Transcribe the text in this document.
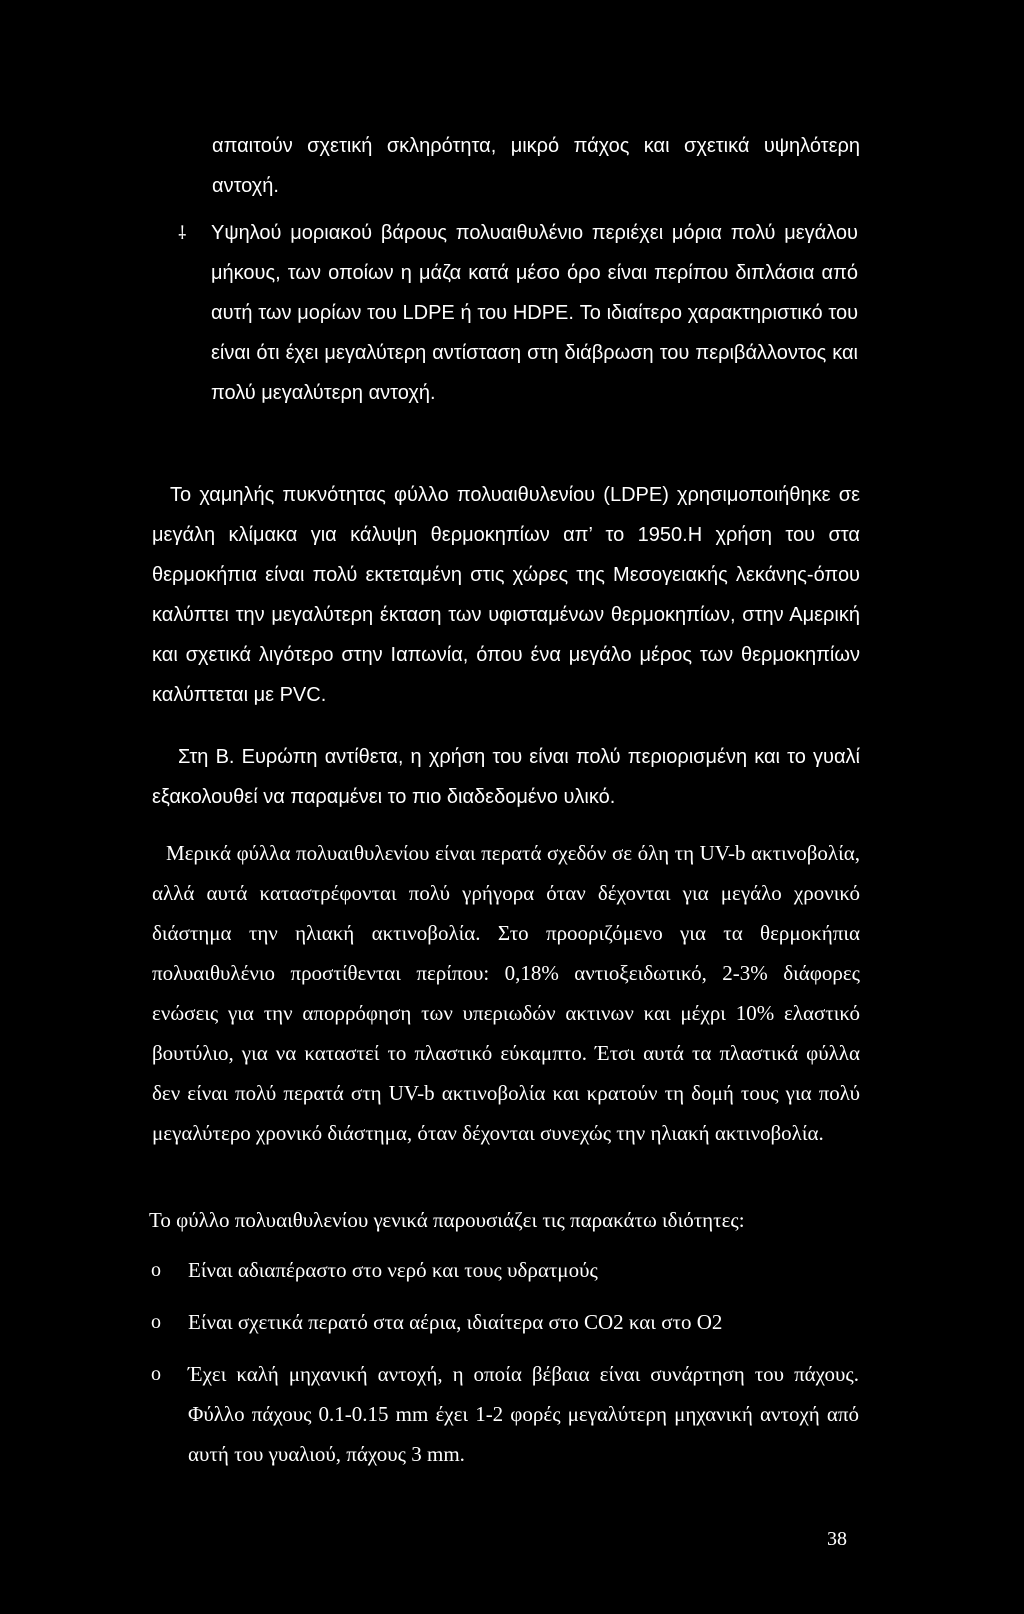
απαιτούν σχετική σκληρότητα, μικρό πάχος και σχετικά υψηλότερη αντοχή.

⸸ Υψηλού μοριακού βάρους πολυαιθυλένιο περιέχει μόρια πολύ μεγάλου μήκους, των οποίων η μάζα κατά μέσο όρο είναι περίπου διπλάσια από αυτή των μορίων του LDPE ή του HDPE. Το ιδιαίτερο χαρακτηριστικό του είναι ότι έχει μεγαλύτερη αντίσταση στη διάβρωση του περιβάλλοντος και πολύ μεγαλύτερη αντοχή.

Το χαμηλής πυκνότητας φύλλο πολυαιθυλενίου (LDPE) χρησιμοποιήθηκε σε μεγάλη κλίμακα για κάλυψη θερμοκηπίων απ’ το 1950.Η χρήση του στα θερμοκήπια είναι πολύ εκτεταμένη στις χώρες της Μεσογειακής λεκάνης-όπου καλύπτει την μεγαλύτερη έκταση των υφισταμένων θερμοκηπίων, στην Αμερική και σχετικά λιγότερο στην Ιαπωνία, όπου ένα μεγάλο μέρος των θερμοκηπίων καλύπτεται με PVC.

Στη Β. Ευρώπη αντίθετα, η χρήση του είναι πολύ περιορισμένη και το γυαλί εξακολουθεί να παραμένει το πιο διαδεδομένο υλικό.

Μερικά φύλλα πολυαιθυλενίου είναι περατά σχεδόν σε όλη τη UV-b ακτινοβολία, αλλά αυτά καταστρέφονται πολύ γρήγορα όταν δέχονται για μεγάλο χρονικό διάστημα την ηλιακή ακτινοβολία. Στο προοριζόμενο για τα θερμοκήπια πολυαιθυλένιο προστίθενται περίπου: 0,18% αντιοξειδωτικό, 2-3% διάφορες ενώσεις για την απορρόφηση των υπεριωδών ακτινων και μέχρι 10% ελαστικό βουτύλιο, για να καταστεί το πλαστικό εύκαμπτο. Έτσι αυτά τα πλαστικά φύλλα δεν είναι πολύ περατά στη UV-b ακτινοβολία και κρατούν τη δομή τους για πολύ μεγαλύτερο χρονικό διάστημα, όταν δέχονται συνεχώς την ηλιακή ακτινοβολία.

Το φύλλο πολυαιθυλενίου γενικά παρουσιάζει τις παρακάτω ιδιότητες:

o Είναι αδιαπέραστο στο νερό και τους υδρατμούς

o Είναι σχετικά περατό στα αέρια, ιδιαίτερα στο CO2 και στο O2

o Έχει καλή μηχανική αντοχή, η οποία βέβαια είναι συνάρτηση του πάχους. Φύλλο πάχους 0.1-0.15 mm έχει 1-2 φορές μεγαλύτερη μηχανική αντοχή από αυτή του γυαλιού, πάχους 3 mm.

38
